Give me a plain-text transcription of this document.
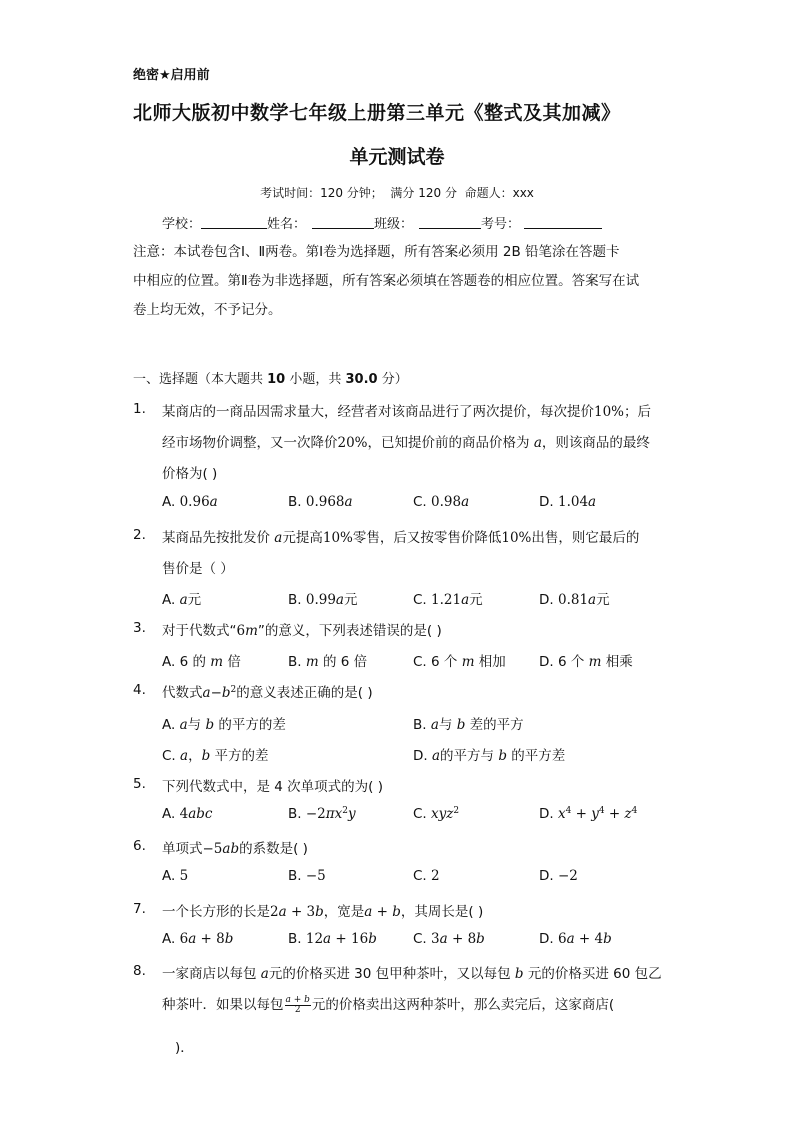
绝密★启用前
北师大版初中数学七年级上册第三单元《整式及其加减》
单元测试卷
考试时间：120 分钟；  满分 120 分  命题人：xxx
学校：	姓名：	班级：	考号：
注意：本试卷包含Ⅰ、Ⅱ两卷。第Ⅰ卷为选择题，所有答案必须用 2B 铅笔涂在答题卡
中相应的位置。第Ⅱ卷为非选择题，所有答案必须填在答题卷的相应位置。答案写在试
卷上均无效，不予记分。
一、选择题（本大题共 10 小题，共 30.0 分）
1.	某商店的一商品因需求量大，经营者对该商品进行了两次提价，每次提价10%；后
经市场物价调整，又一次降价20%，已知提价前的商品价格为 a，则该商品的最终
价格为( )
A. 0.96a	B. 0.968a	C. 0.98a	D. 1.04a
2.	某商品先按批发价 a元提高10%零售，后又按零售价降低10%出售，则它最后的
售价是（ ）
A. a元	B. 0.99a元	C. 1.21a元	D. 0.81a元
3.	对于代数式“6m”的意义，下列表述错误的是( )
A. 6 的 m 倍	B. m 的 6 倍	C. 6 个 m 相加 D. 6 个 m 相乘
4.	代数式$a-b^2$的意义表述正确的是( )
A. a与 b 的平方的差	B. a与 b 差的平方
C. a，b 平方的差	D. a的平方与 b 的平方差
5.	下列代数式中，是 4 次单项式的为( )
A. 4abc	B. $-2\pi x^2y$	C. xyz$^2$	D. $x^4 + y^4 + z^4$
6.	单项式−5ab的系数是( )
A. 5	B. −5	C. 2	D. −2
7.	一个长方形的长是2a + 3b，宽是a + b，其周长是( )
A. 6a + 8b	B. 12a + 16b	C. 3a + 8b	D. 6a + 4b
8.	一家商店以每包 a元的价格买进 30 包甲种茶叶，又以每包 b 元的价格买进 60 包乙
种茶叶．如果以每包 $\frac{a + b}{2}$ 元的价格卖出这两种茶叶，那么卖完后，这家商店(
)．
